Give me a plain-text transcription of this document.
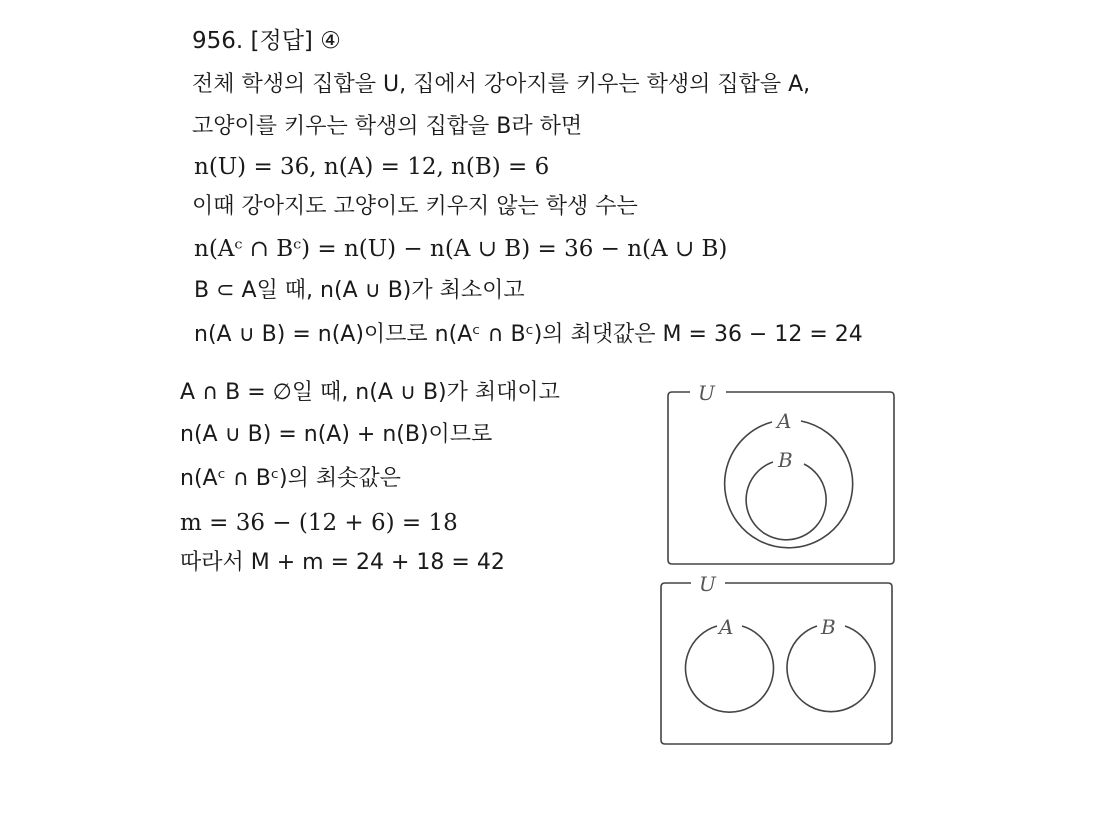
956. [정답] ④
전체 학생의 집합을 U, 집에서 강아지를 키우는 학생의 집합을 A,
고양이를 키우는 학생의 집합을 B라 하면
n(U) = 36, n(A) = 12, n(B) = 6
이때 강아지도 고양이도 키우지 않는 학생 수는
n(Aᶜ ∩ Bᶜ) = n(U) − n(A ∪ B) = 36 − n(A ∪ B)
B ⊂ A일 때, n(A ∪ B)가 최소이고
n(A ∪ B) = n(A)이므로 n(Aᶜ ∩ Bᶜ)의 최댓값은 M = 36 − 12 = 24
A ∩ B = ∅일 때, n(A ∪ B)가 최대이고
n(A ∪ B) = n(A) + n(B)이므로
n(Aᶜ ∩ Bᶜ)의 최솟값은
m = 36 − (12 + 6) = 18
따라서 M + m = 24 + 18 = 42
U
A
B
U
A	B
